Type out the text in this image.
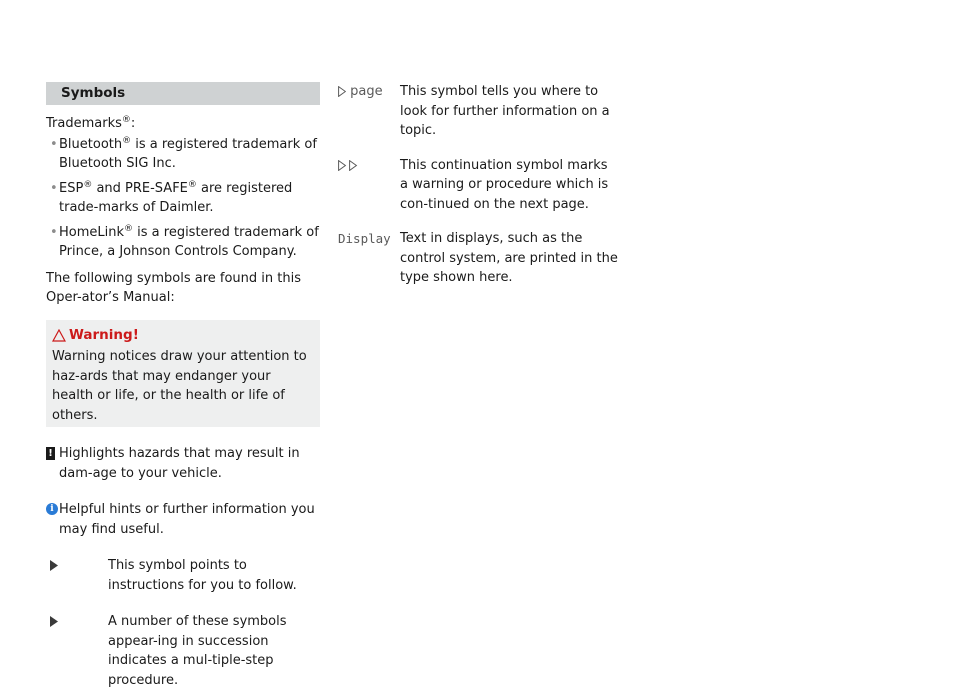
Symbols

Trademarks®:

• Bluetooth® is a registered trademark of Bluetooth SIG Inc.
• ESP® and PRE-SAFE® are registered trade-marks of Daimler.
• HomeLink® is a registered trademark of Prince, a Johnson Controls Company.

The following symbols are found in this Oper-ator’s Manual:

Warning!

Warning notices draw your attention to haz-ards that may endanger your health or life, or the health or life of others.

! Highlights hazards that may result in dam-age to your vehicle.
i Helpful hints or further information you may find useful.
This symbol points to instructions for you to follow.
A number of these symbols appear-ing in succession indicates a mul-tiple-step procedure.
page This symbol tells you where to look for further information on a topic.
This continuation symbol marks a warning or procedure which is con-tinued on the next page.
Display Text in displays, such as the control system, are printed in the type shown here.
